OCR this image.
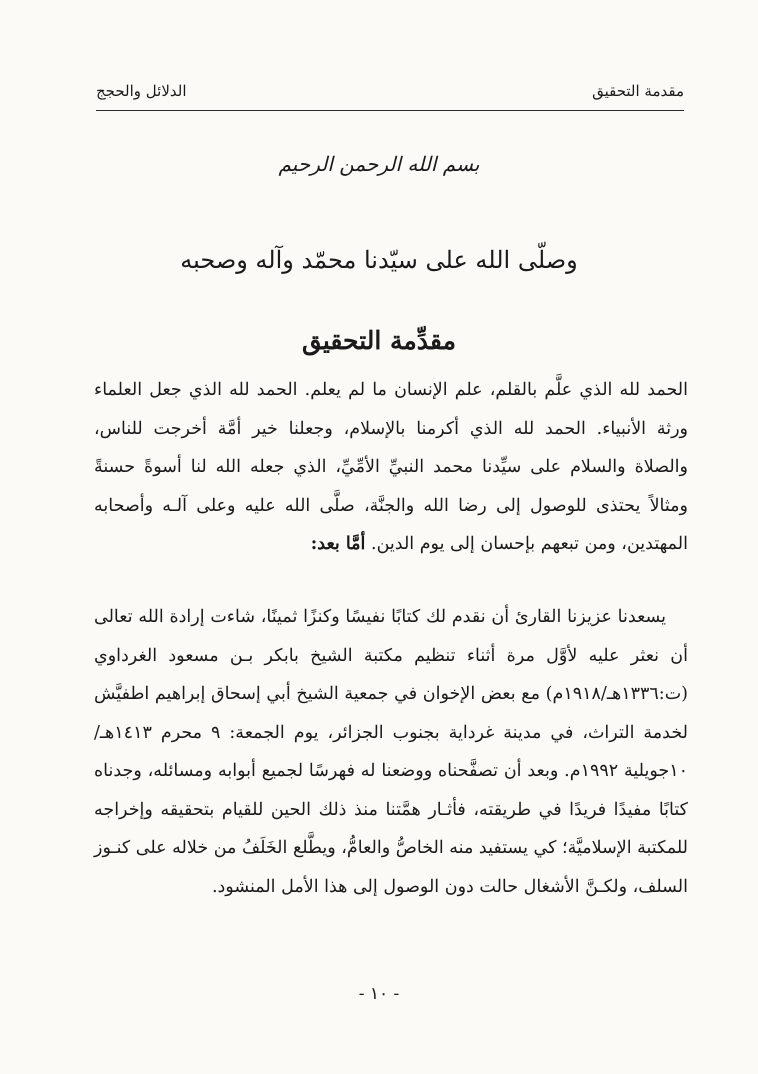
مقدمة التحقيق
الدلائل والحجج
بسم الله الرحمن الرحيم
وصلّى الله على سيّدنا محمّد وآله وصحبه
مقدِّمة التحقيق
الحمد لله الذي علَّم بالقلم، علم الإنسان ما لم يعلم. الحمد لله الذي جعل العلماء ورثة الأنبياء. الحمد لله الذي أكرمنا بالإسلام، وجعلنا خير أمَّة أخرجت للناس، والصلاة والسلام على سيِّدنا محمد النبيِّ الأمِّيِّ، الذي جعله الله لنا أسوةً حسنةً ومثالاً يحتذى للوصول إلى رضا الله والجنَّة، صلَّى الله عليه وعلى آلـه وأصحابه المهتدين، ومن تبعهم بإحسان إلى يوم الدين. أمَّا بعد:
يسعدنا عزيزنا القارئ أن نقدم لك كتابًا نفيسًا وكنزًا ثمينًا، شاءت إرادة الله تعالى أن نعثر عليه لأوَّل مرة أثناء تنظيم مكتبة الشيخ بابكر بـن مسعود الغرداوي (ت:١٣٣٦هـ/١٩١٨م) مع بعض الإخوان في جمعية الشيخ أبي إسحاق إبراهيم اطفيَّش لخدمة التراث، في مدينة غرداية بجنوب الجزائر، يوم الجمعة: ٩ محرم ١٤١٣هـ/١٠جويلية ١٩٩٢م. وبعد أن تصفَّحناه ووضعنا له فهرسًا لجميع أبوابه ومسائله، وجدناه كتابًا مفيدًا فريدًا في طريقته، فأثـار همَّتنا منذ ذلك الحين للقيام بتحقيقه وإخراجه للمكتبة الإسلاميَّة؛ كي يستفيد منه الخاصُّ والعامُّ، ويطَّلع الخَلَفُ من خلاله على كنـوز السلف، ولكـنَّ الأشغال حالت دون الوصول إلى هذا الأمل المنشود.
- ١٠ -
